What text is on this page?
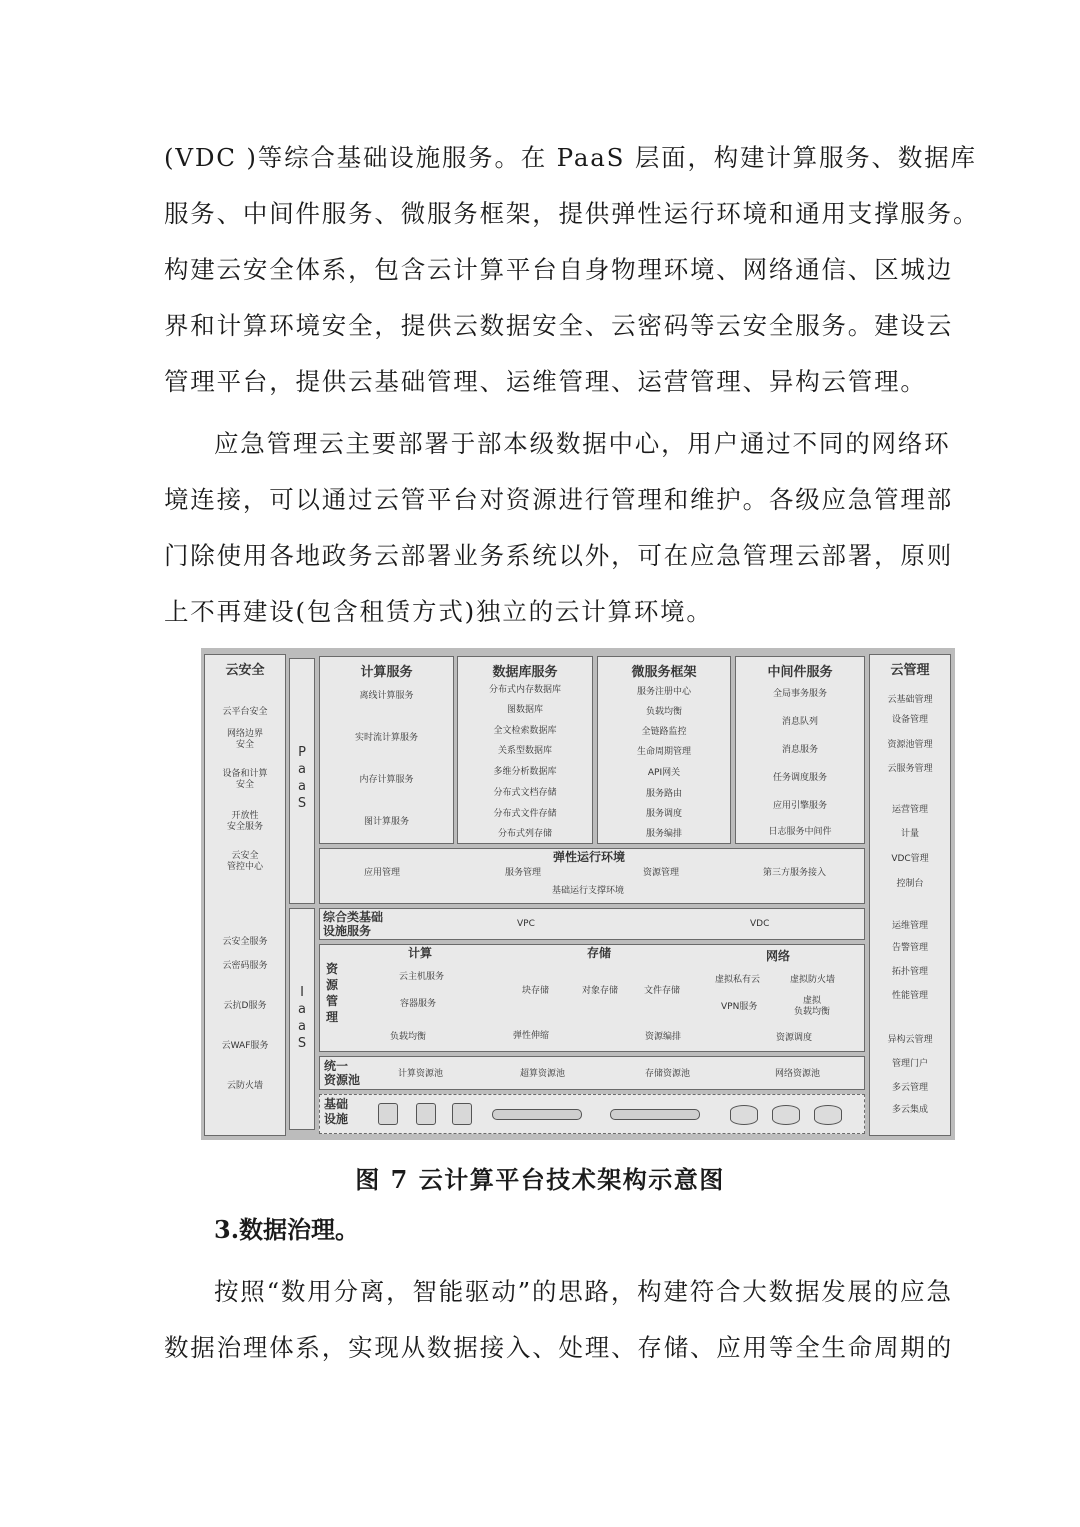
(VDC )等综合基础设施服务。在 PaaS 层面，构建计算服务、数据库
服务、中间件服务、微服务框架，提供弹性运行环境和通用支撑服务。
构建云安全体系，包含云计算平台自身物理环境、网络通信、区城边
界和计算环境安全，提供云数据安全、云密码等云安全服务。建设云
管理平台，提供云基础管理、运维管理、运营管理、异构云管理。
应急管理云主要部署于部本级数据中心，用户通过不同的网络环
境连接，可以通过云管平台对资源进行管理和维护。各级应急管理部
门除使用各地政务云部署业务系统以外，可在应急管理云部署，原则
上不再建设(包含租赁方式)独立的云计算环境。
云安全
云平台安全
网络边界
安全
设备和计算
安全
开放性
安全服务
云安全
管控中心
云安全服务
云密码服务
云抗D服务
云WAF服务
云防火墙
P
a
a
S
I
a
a
S
计算服务
离线计算服务
实时流计算服务
内存计算服务
图计算服务
数据库服务
分布式内存数据库
图数据库
全文检索数据库
关系型数据库
多维分析数据库
分布式文档存储
分布式文件存储
分布式列存储
微服务框架
服务注册中心
负载均衡
全链路监控
生命周期管理
API网关
服务路由
服务调度
服务编排
中间件服务
全局事务服务
消息队列
消息服务
任务调度服务
应用引擎服务
日志服务中间件
弹性运行环境
应用管理	服务管理	资源管理	第三方服务接入
基础运行支撑环境
综合类基础
设施服务	VPC	VDC
资
源
管
理
计算	存储	网络
云主机服务
容器服务
负载均衡
块存储	对象存储	文件存储
弹性伸缩	资源编排
虚拟私有云	虚拟防火墙
VPN服务
虚拟
负载均衡
资源调度
统一
资源池	计算资源池	超算资源池	存储资源池	网络资源池
基础
设施
云管理
云基础管理
设备管理
资源池管理
云服务管理
运营管理
计量
VDC管理
控制台
运维管理
告警管理
拓扑管理
性能管理
异构云管理
管理门户
多云管理
多云集成
图 7 云计算平台技术架构示意图
3.数据治理。
按照“数用分离，智能驱动”的思路，构建符合大数据发展的应急
数据治理体系，实现从数据接入、处理、存储、应用等全生命周期的
